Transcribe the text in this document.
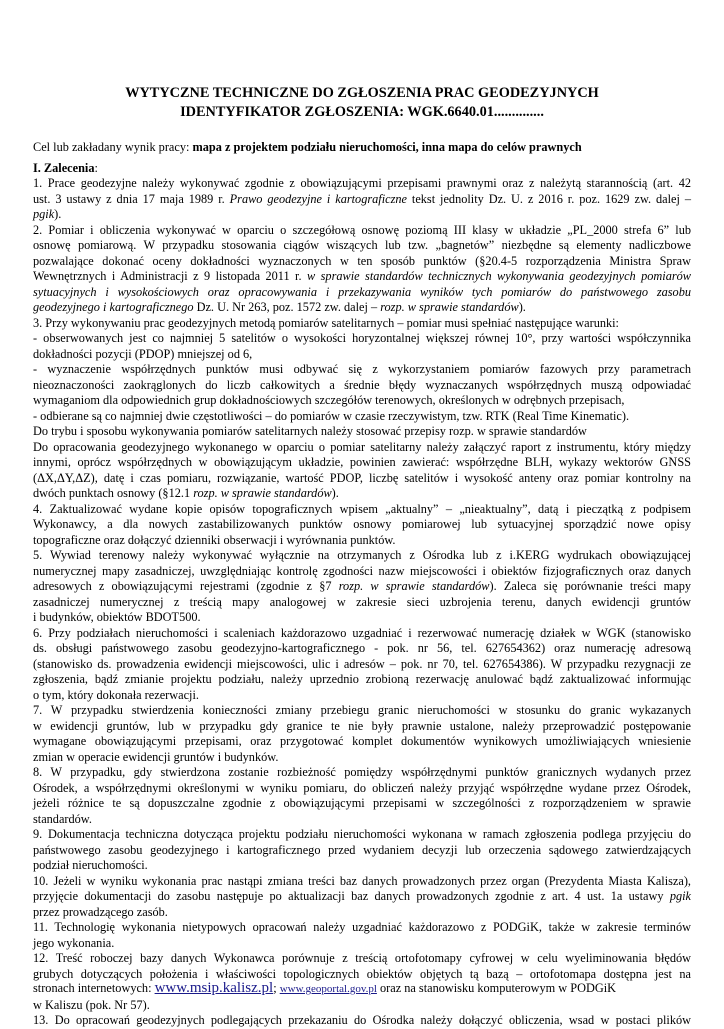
WYTYCZNE TECHNICZNE DO ZGŁOSZENIA PRAC GEODEZYJNYCH
IDENTYFIKATOR ZGŁOSZENIA: WGK.6640.01..............
Cel lub zakładany wynik pracy: mapa z projektem podziału nieruchomości, inna mapa do celów prawnych
I. Zalecenia:
1. Prace geodezyjne należy wykonywać zgodnie z obowiązującymi przepisami prawnymi oraz z należytą starannością (art. 42
ust. 3 ustawy z dnia 17 maja 1989 r. Prawo geodezyjne i kartograficzne tekst jednolity Dz. U. z 2016 r. poz. 1629 zw. dalej –
pgik).
2. Pomiar i obliczenia wykonywać w oparciu o szczegółową osnowę poziomą III klasy w układzie „PL_2000 strefa 6” lub
osnowę pomiarową. W przypadku stosowania ciągów wiszących lub tzw. „bagnetów” niezbędne są elementy nadliczbowe
pozwalające dokonać oceny dokładności wyznaczonych w ten sposób punktów (§20.4-5 rozporządzenia Ministra Spraw
Wewnętrznych i Administracji z 9 listopada 2011 r. w sprawie standardów technicznych wykonywania geodezyjnych pomiarów
sytuacyjnych i wysokościowych oraz opracowywania i przekazywania wyników tych pomiarów do państwowego zasobu
geodezyjnego i kartograficznego Dz. U. Nr 263, poz. 1572 zw. dalej – rozp. w sprawie standardów).
3. Przy wykonywaniu prac geodezyjnych metodą pomiarów satelitarnych – pomiar musi spełniać następujące warunki:
- obserwowanych jest co najmniej 5 satelitów o wysokości horyzontalnej większej równej 10°, przy wartości współczynnika
dokładności pozycji (PDOP) mniejszej od 6,
- wyznaczenie współrzędnych punktów musi odbywać się z wykorzystaniem pomiarów fazowych przy parametrach
nieoznaczoności zaokrąglonych do liczb całkowitych a średnie błędy wyznaczanych współrzędnych muszą odpowiadać
wymaganiom dla odpowiednich grup dokładnościowych szczegółów terenowych, określonych w odrębnych przepisach,
- odbierane są co najmniej dwie częstotliwości – do pomiarów w czasie rzeczywistym, tzw. RTK (Real Time Kinematic).
Do trybu i sposobu wykonywania pomiarów satelitarnych należy stosować przepisy rozp. w sprawie standardów
Do opracowania geodezyjnego wykonanego w oparciu o pomiar satelitarny należy załączyć raport z instrumentu, który między
innymi, oprócz współrzędnych w obowiązującym układzie, powinien zawierać: współrzędne BLH, wykazy wektorów GNSS
(ΔX,ΔY,ΔZ), datę i czas pomiaru, rozwiązanie, wartość PDOP, liczbę satelitów i wysokość anteny oraz pomiar kontrolny na
dwóch punktach osnowy (§12.1 rozp. w sprawie standardów).
4. Zaktualizować wydane kopie opisów topograficznych wpisem „aktualny” – „nieaktualny”, datą i pieczątką z podpisem
Wykonawcy, a dla nowych zastabilizowanych punktów osnowy pomiarowej lub sytuacyjnej sporządzić nowe opisy
topograficzne oraz dołączyć dzienniki obserwacji i wyrównania punktów.
5. Wywiad terenowy należy wykonywać wyłącznie na otrzymanych z Ośrodka lub z i.KERG wydrukach obowiązującej
numerycznej mapy zasadniczej, uwzględniając kontrolę zgodności nazw miejscowości i obiektów fizjograficznych oraz danych
adresowych z obowiązującymi rejestrami (zgodnie z §7 rozp. w sprawie standardów). Zaleca się porównanie treści mapy
zasadniczej numerycznej z treścią mapy analogowej w zakresie sieci uzbrojenia terenu, danych ewidencji gruntów
i budynków, obiektów BDOT500.
6. Przy podziałach nieruchomości i scaleniach każdorazowo uzgadniać i rezerwować numerację działek w WGK (stanowisko
ds. obsługi państwowego zasobu geodezyjno-kartograficznego - pok. nr 56, tel. 627654362) oraz numerację adresową
(stanowisko ds. prowadzenia ewidencji miejscowości, ulic i adresów – pok. nr 70, tel. 627654386). W przypadku rezygnacji ze
zgłoszenia, bądź zmianie projektu podziału, należy uprzednio zrobioną rezerwację anulować bądź zaktualizować informując
o tym, który dokonała rezerwacji.
7. W przypadku stwierdzenia konieczności zmiany przebiegu granic nieruchomości w stosunku do granic wykazanych
w ewidencji gruntów, lub w przypadku gdy granice te nie były prawnie ustalone, należy przeprowadzić postępowanie
wymagane obowiązującymi przepisami, oraz przygotować komplet dokumentów wynikowych umożliwiających wniesienie
zmian w operacie ewidencji gruntów i budynków.
8. W przypadku, gdy stwierdzona zostanie rozbieżność pomiędzy współrzędnymi punktów granicznych wydanych przez
Ośrodek, a współrzędnymi określonymi w wyniku pomiaru, do obliczeń należy przyjąć współrzędne wydane przez Ośrodek,
jeżeli różnice te są dopuszczalne zgodnie z obowiązującymi przepisami w szczególności z rozporządzeniem w sprawie
standardów.
9. Dokumentacja techniczna dotycząca projektu podziału nieruchomości wykonana w ramach zgłoszenia podlega przyjęciu do
państwowego zasobu geodezyjnego i kartograficznego przed wydaniem decyzji lub orzeczenia sądowego zatwierdzających
podział nieruchomości.
10. Jeżeli w wyniku wykonania prac nastąpi zmiana treści baz danych prowadzonych przez organ (Prezydenta Miasta Kalisza),
przyjęcie dokumentacji do zasobu następuje po aktualizacji baz danych prowadzonych zgodnie z art. 4 ust. 1a ustawy pgik
przez prowadzącego zasób.
11. Technologię wykonania nietypowych opracowań należy uzgadniać każdorazowo z PODGiK, także w zakresie terminów
jego wykonania.
12. Treść roboczej bazy danych Wykonawca porównuje z treścią ortofotomapy cyfrowej w celu wyeliminowania błędów
grubych dotyczących położenia i właściwości topologicznych obiektów objętych tą bazą – ortofotomapa dostępna jest na
stronach internetowych: www.msip.kalisz.pl; www.geoportal.gov.pl oraz na stanowisku komputerowym w PODGiK
w Kaliszu (pok. Nr 57).
13. Do opracowań geodezyjnych podlegających przekazaniu do Ośrodka należy dołączyć obliczenia, wsad w postaci plików
